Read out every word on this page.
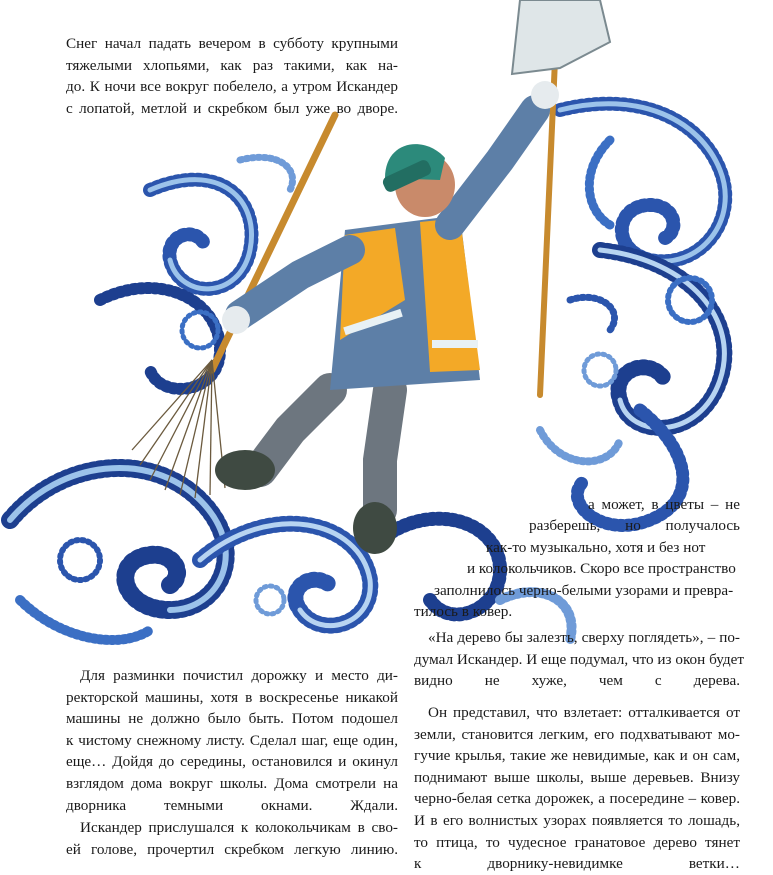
Снег начал падать вечером в субботу крупными
тяжелыми хлопьями, как раз такими, как на-
до. К ночи все вокруг побелело, а утром Искандер
с лопатой, метлой и скребком был уже во дворе.
а может, в цветы – не
разберешь, но получалось
как-то музыкально, хотя и без нот
и колокольчиков. Скоро все пространство
заполнилось черно-белыми узорами и превра-
тилось в ковер.
«На дерево бы залезть, сверху поглядеть», – по-
думал Искандер. И еще подумал, что из окон будет
видно не хуже, чем с дерева.
Он представил, что взлетает: отталкивается от
земли, становится легким, его подхватывают мо-
гучие крылья, такие же невидимые, как и он сам,
поднимают выше школы, выше деревьев. Внизу
черно-белая сетка дорожек, а посередине – ковер.
И в его волнистых узорах появляется то лошадь,
то птица, то чудесное гранатовое дерево тянет
к дворнику-невидимке ветки…
Для разминки почистил дорожку и место ди-
ректорской машины, хотя в воскресенье никакой
машины не должно было быть. Потом подошел
к чистому снежному листу. Сделал шаг, еще один,
еще… Дойдя до середины, остановился и окинул
взглядом дома вокруг школы. Дома смотрели на
дворника темными окнами. Ждали.
Искандер прислушался к колокольчикам в сво-
ей голове, прочертил скребком легкую линию.
